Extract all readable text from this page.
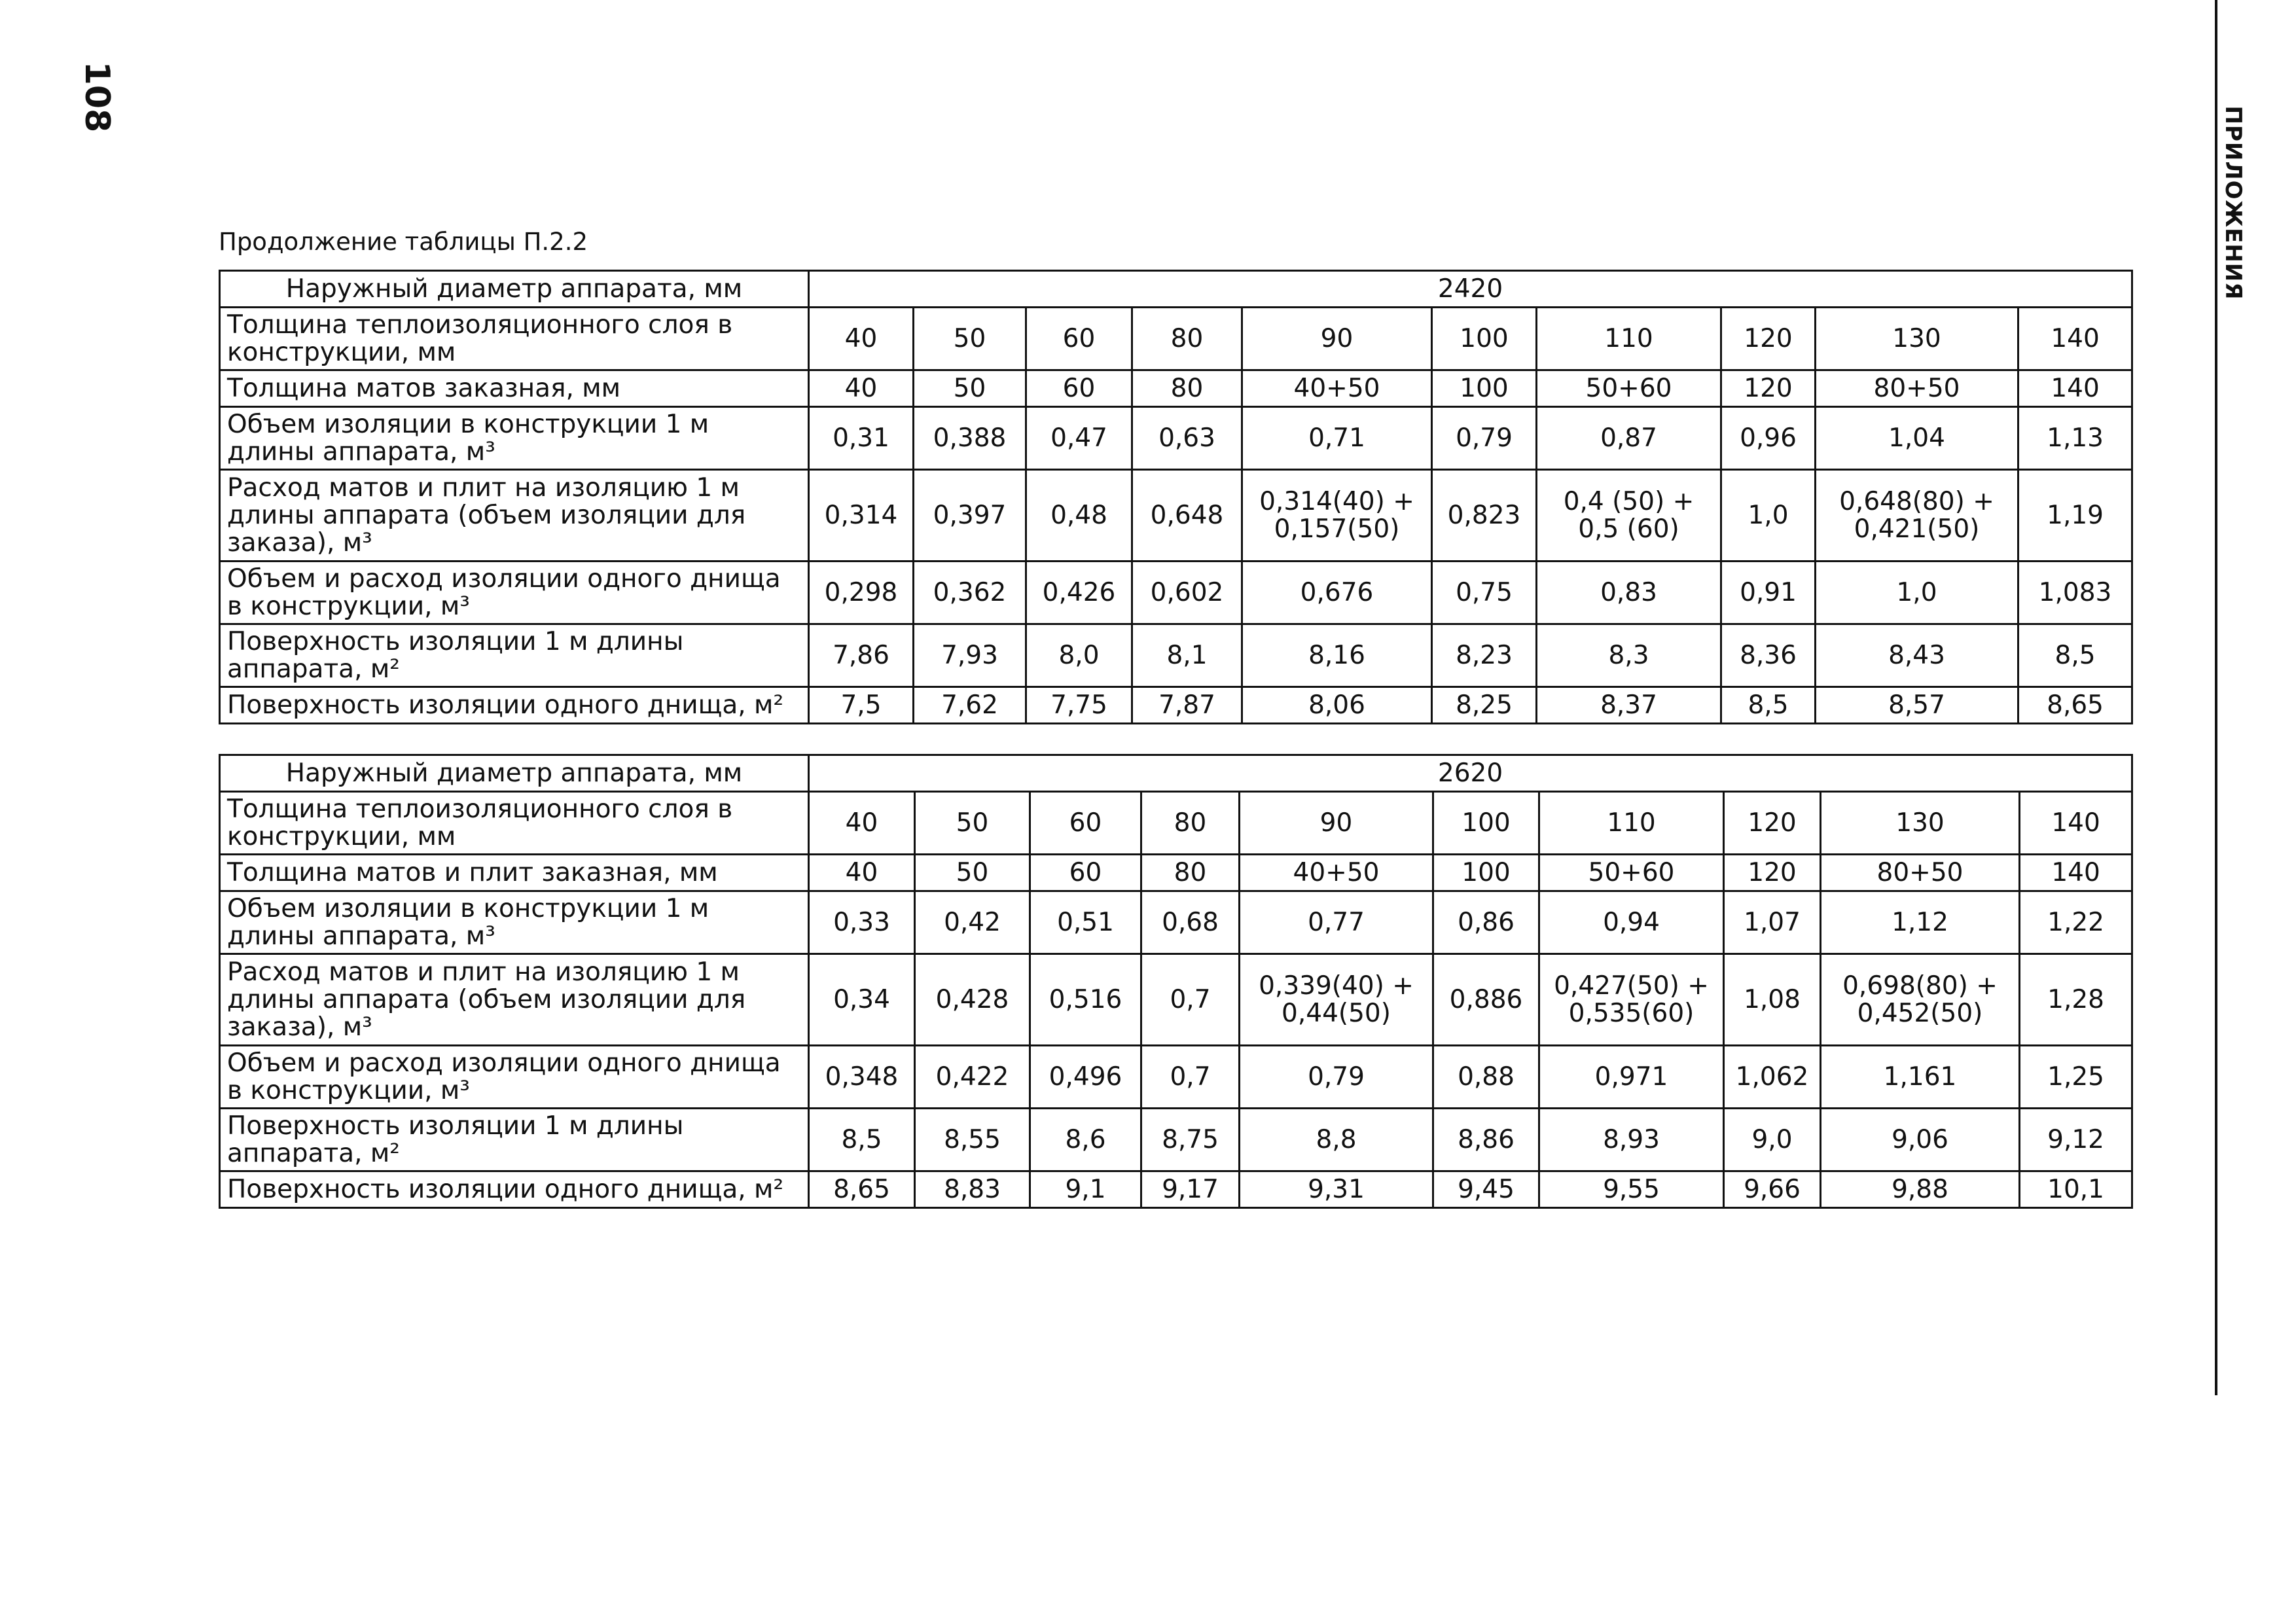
108
ПРИЛОЖЕНИЯ
Продолжение таблицы П.2.2
Наружный диаметр аппарата, мм	2420									
Толщина теплоизоляционного слоя в конструкции, мм	40	50	60	80	90	100	110	120	130	140
Толщина матов заказная, мм	40	50	60	80	40+50	100	50+60	120	80+50	140
Объем изоляции в конструкции 1 м длины аппарата, м³	0,31	0,388	0,47	0,63	0,71	0,79	0,87	0,96	1,04	1,13
Расход матов и плит на изоляцию 1 м длины аппарата (объем изоляции для заказа), м³	0,314	0,397	0,48	0,648	0,314(40) + 0,157(50)	0,823	0,4 (50) + 0,5 (60)	1,0	0,648(80) + 0,421(50)	1,19
Объем и расход изоляции одного днища в конструкции, м³	0,298	0,362	0,426	0,602	0,676	0,75	0,83	0,91	1,0	1,083
Поверхность изоляции 1 м длины аппарата, м²	7,86	7,93	8,0	8,1	8,16	8,23	8,3	8,36	8,43	8,5
Поверхность изоляции одного днища, м²	7,5	7,62	7,75	7,87	8,06	8,25	8,37	8,5	8,57	8,65
Наружный диаметр аппарата, мм	2620									
Толщина теплоизоляционного слоя в конструкции, мм	40	50	60	80	90	100	110	120	130	140
Толщина матов и плит заказная, мм	40	50	60	80	40+50	100	50+60	120	80+50	140
Объем изоляции в конструкции 1 м длины аппарата, м³	0,33	0,42	0,51	0,68	0,77	0,86	0,94	1,07	1,12	1,22
Расход матов и плит на изоляцию 1 м длины аппарата (объем изоляции для заказа), м³	0,34	0,428	0,516	0,7	0,339(40) + 0,44(50)	0,886	0,427(50) + 0,535(60)	1,08	0,698(80) + 0,452(50)	1,28
Объем и расход изоляции одного днища в конструкции, м³	0,348	0,422	0,496	0,7	0,79	0,88	0,971	1,062	1,161	1,25
Поверхность изоляции 1 м длины аппарата, м²	8,5	8,55	8,6	8,75	8,8	8,86	8,93	9,0	9,06	9,12
Поверхность изоляции одного днища, м²	8,65	8,83	9,1	9,17	9,31	9,45	9,55	9,66	9,88	10,1
